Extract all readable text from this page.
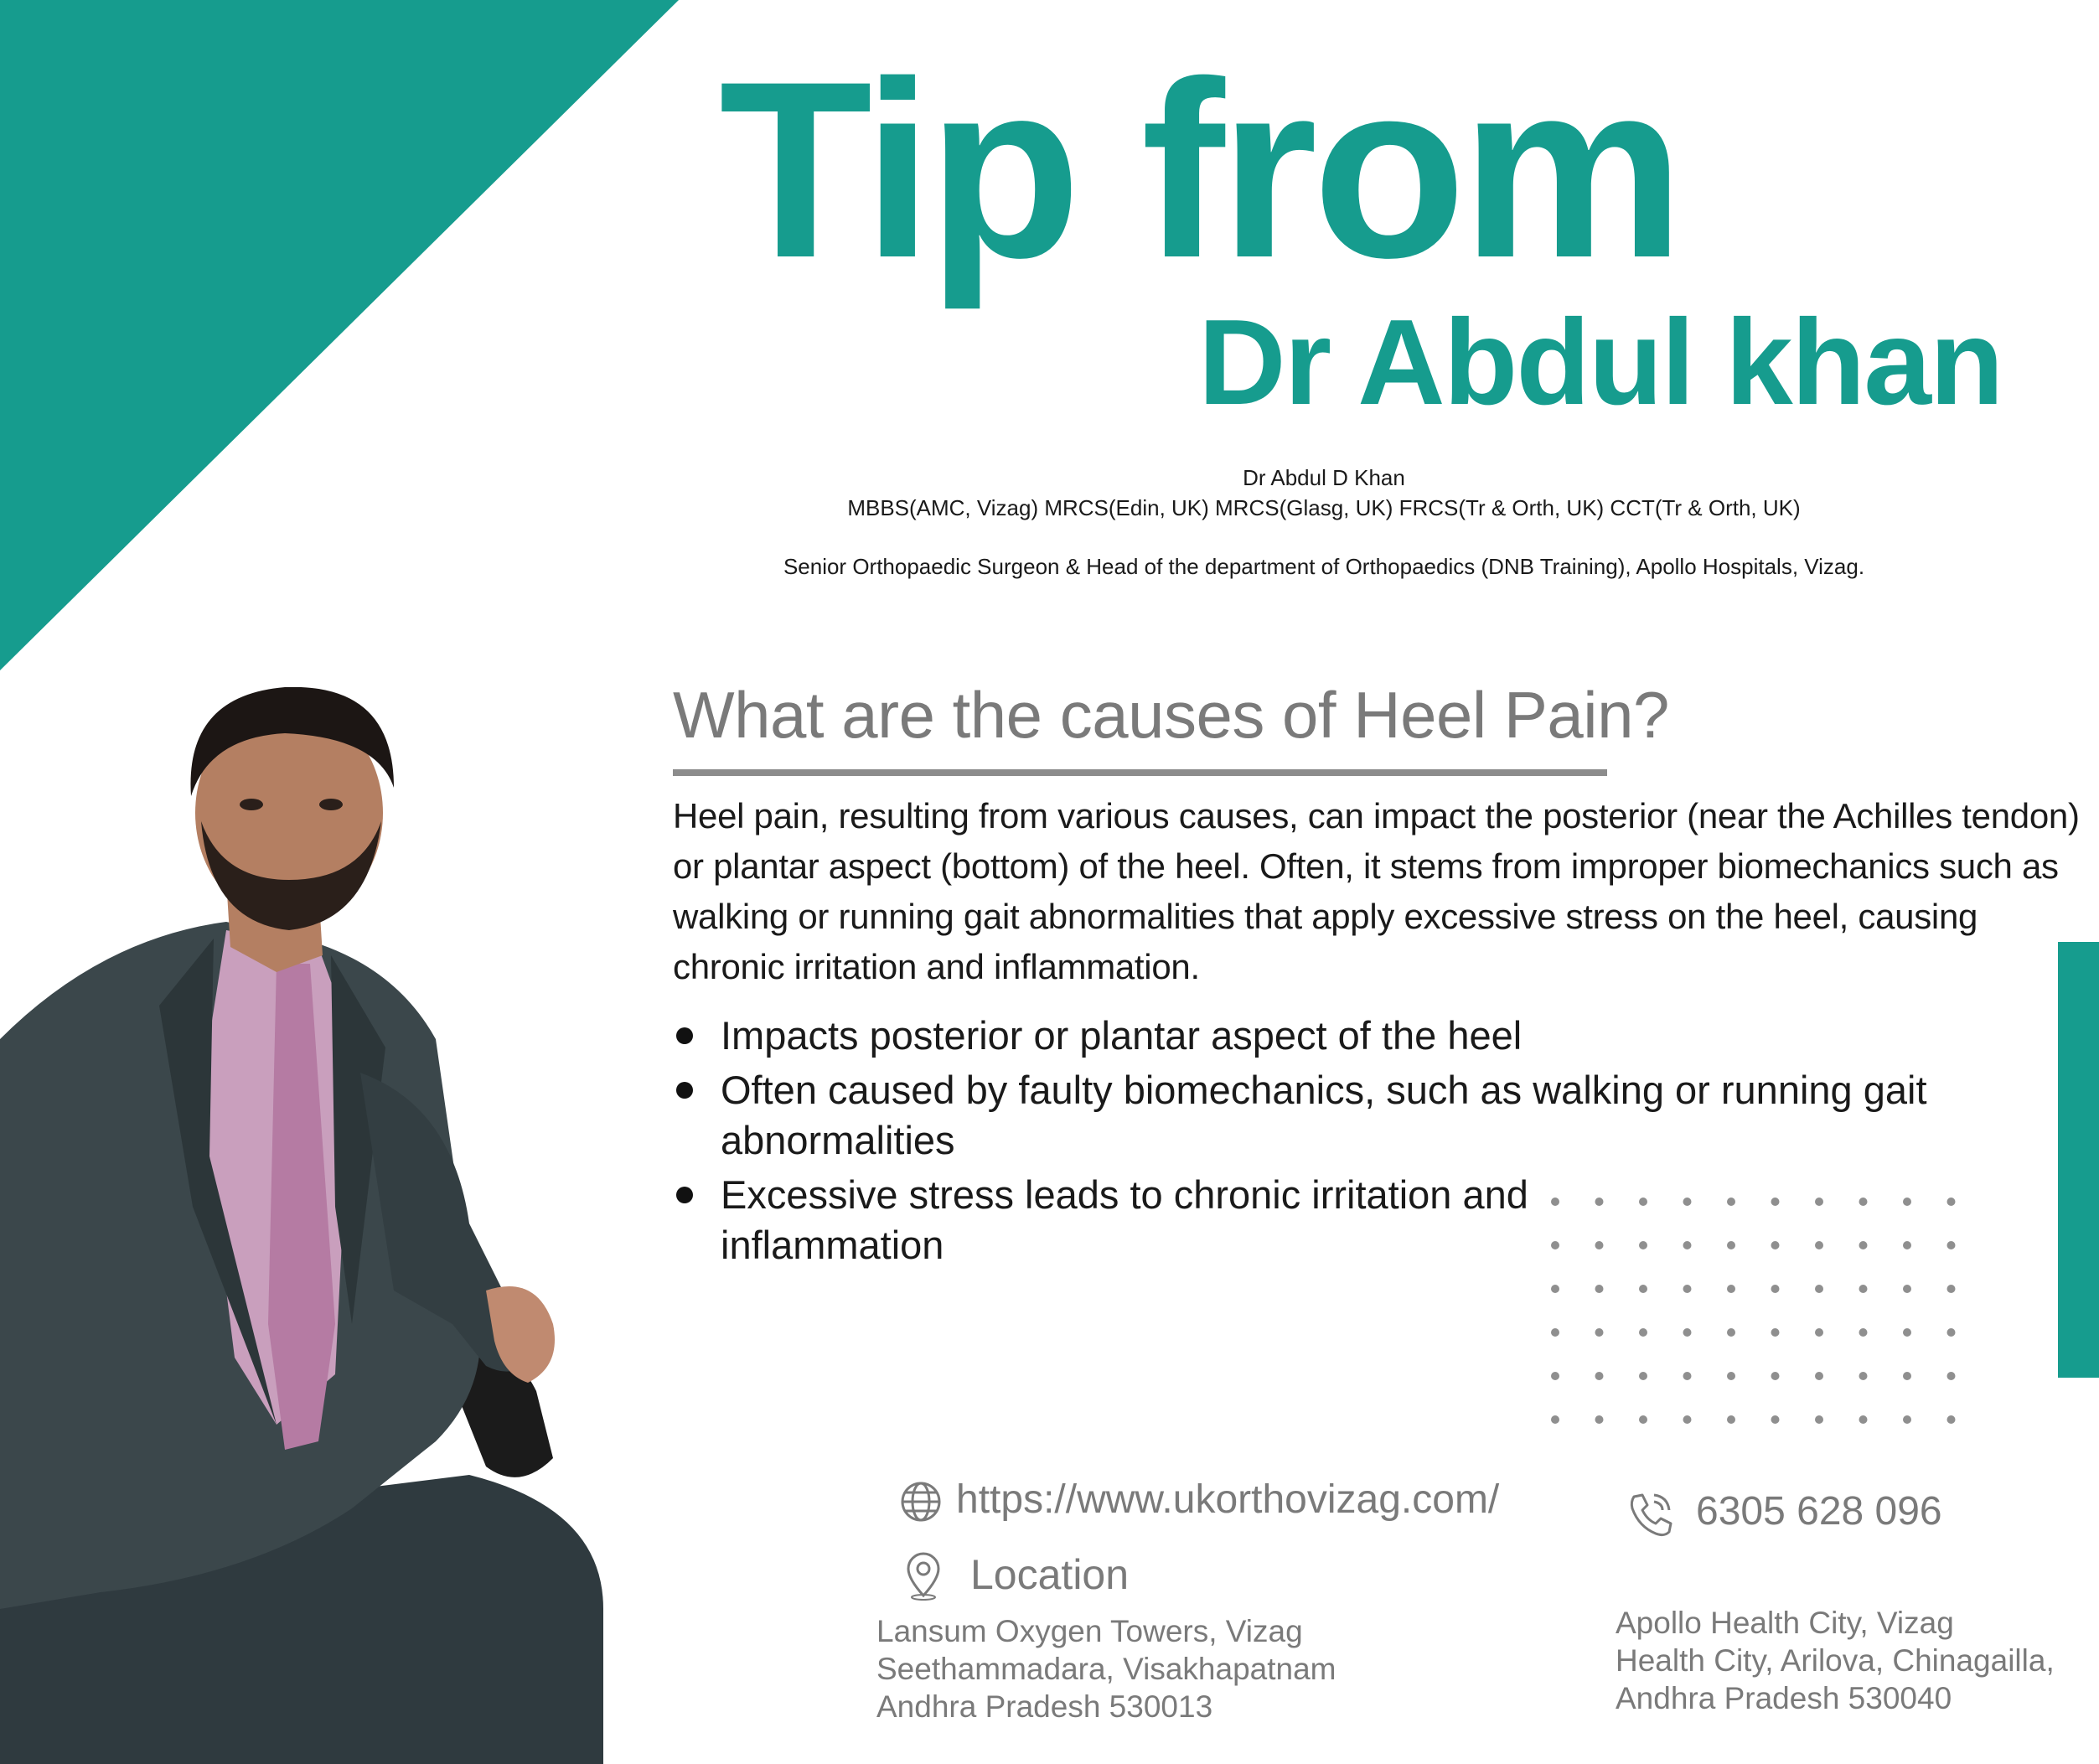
Tip from
Dr Abdul khan
Dr Abdul D Khan
MBBS(AMC, Vizag) MRCS(Edin, UK) MRCS(Glasg, UK) FRCS(Tr & Orth, UK) CCT(Tr & Orth, UK)
Senior Orthopaedic Surgeon & Head of the department of Orthopaedics (DNB Training), Apollo Hospitals, Vizag.
What are the causes of Heel Pain?
Heel pain, resulting from various causes, can impact the posterior (near the Achilles tendon) or plantar aspect (bottom) of the heel. Often, it stems from improper biomechanics such as walking or running gait abnormalities that apply excessive stress on the heel, causing chronic irritation and inflammation.
Impacts posterior or plantar aspect of the heel
Often caused by faulty biomechanics, such as walking or running gait abnormalities
Excessive stress leads to chronic irritation and inflammation
https://www.ukorthovizag.com/	6305 628 096
Location
Lansum Oxygen Towers, Vizag
Seethammadara, Visakhapatnam
Andhra Pradesh 530013
Apollo Health City, Vizag
Health City, Arilova, Chinagailla,
Andhra Pradesh 530040
